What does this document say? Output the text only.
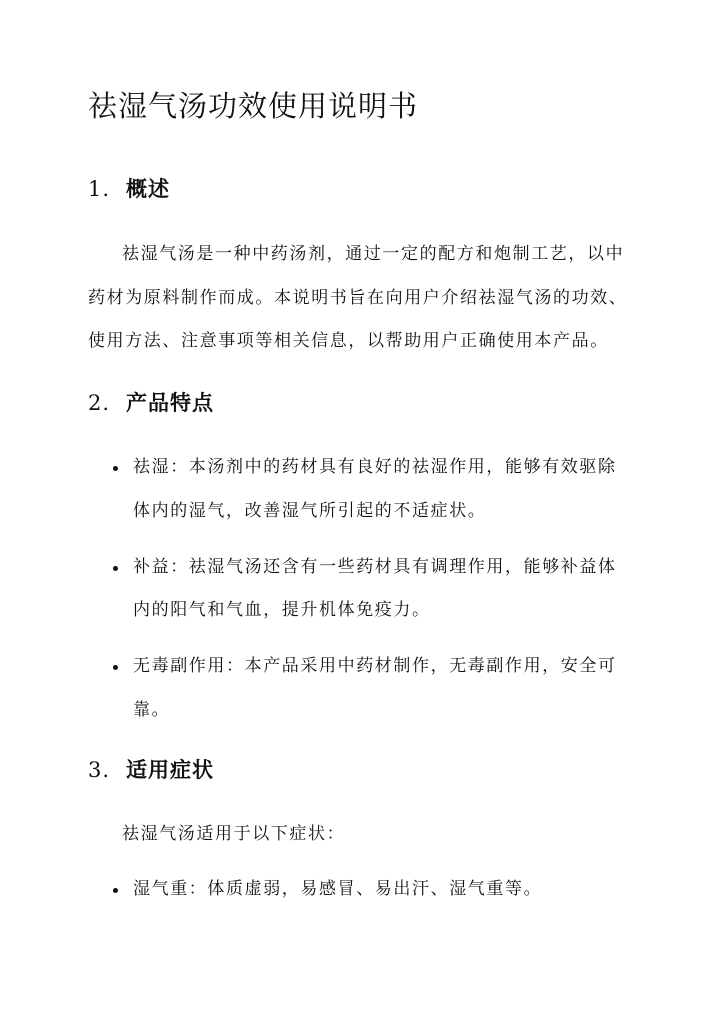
祛湿气汤功效使用说明书
1. 概述

祛湿气汤是一种中药汤剂，通过一定的配方和炮制工艺，以中

药材为原料制作而成。本说明书旨在向用户介绍祛湿气汤的功效、

使用方法、注意事项等相关信息，以帮助用户正确使用本产品。

2. 产品特点

祛湿：本汤剂中的药材具有良好的祛湿作用，能够有效驱除

体内的湿气，改善湿气所引起的不适症状。

补益：祛湿气汤还含有一些药材具有调理作用，能够补益体

内的阳气和气血，提升机体免疫力。

无毒副作用：本产品采用中药材制作，无毒副作用，安全可

靠。

3. 适用症状

祛湿气汤适用于以下症状：

湿气重：体质虚弱，易感冒、易出汗、湿气重等。
